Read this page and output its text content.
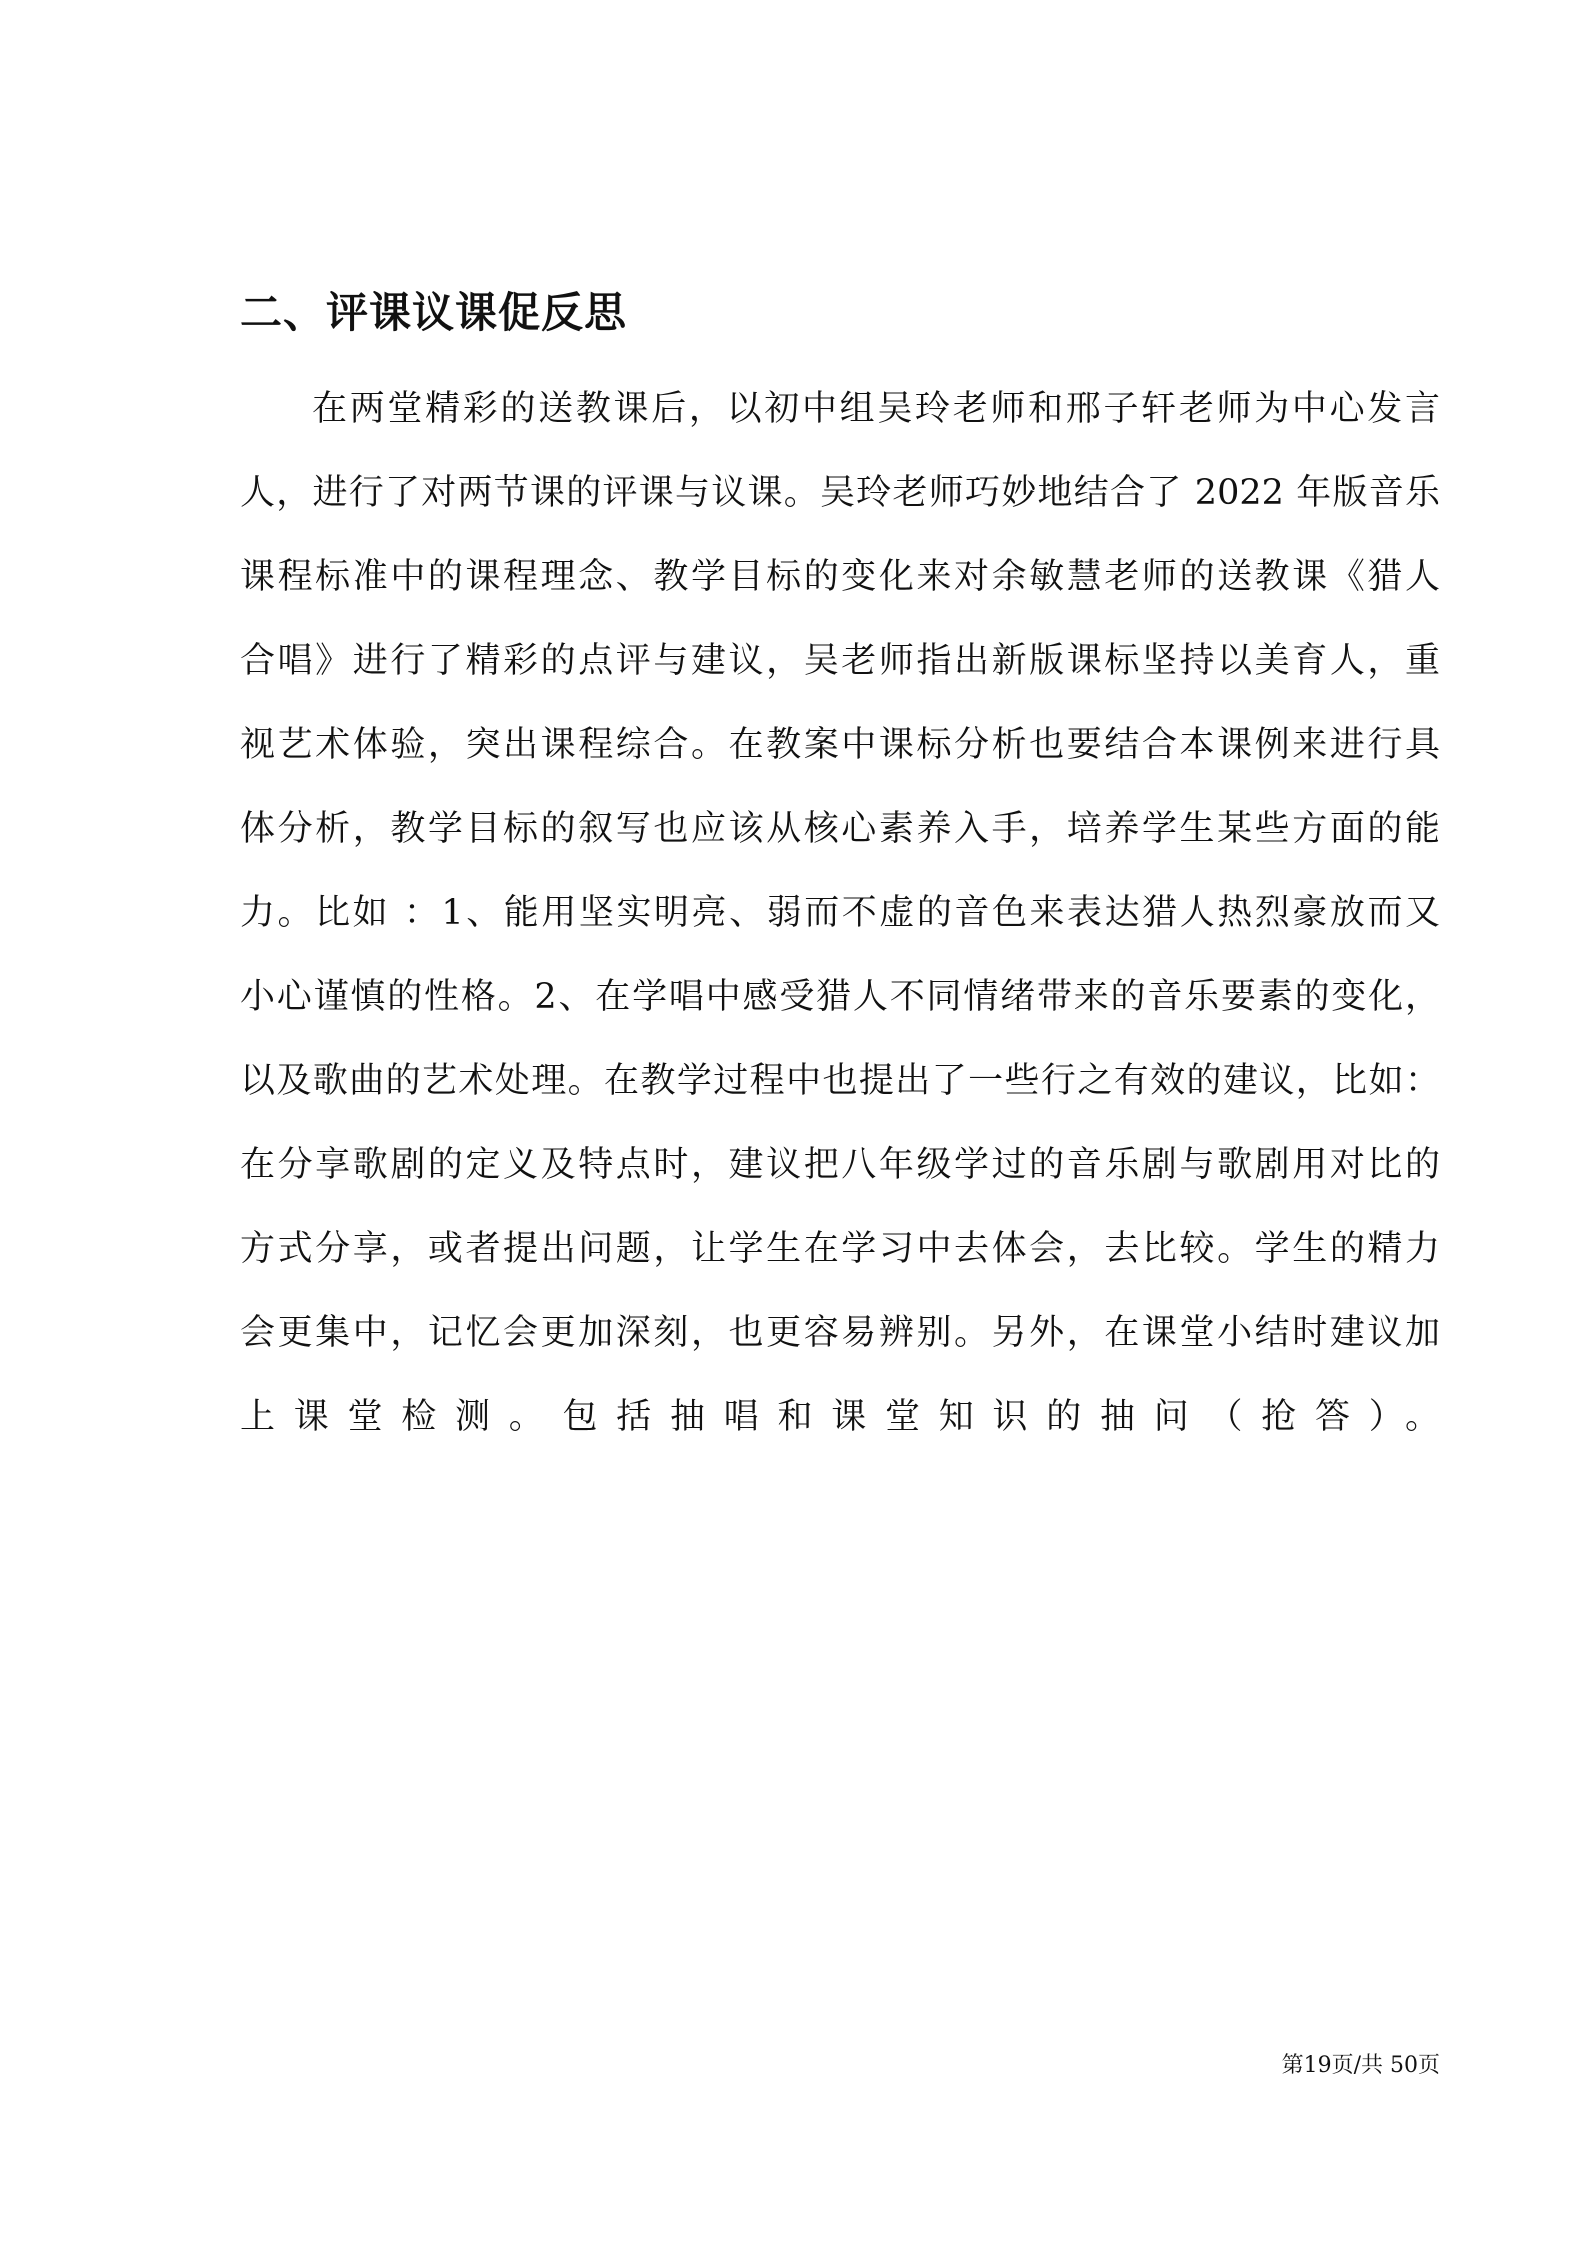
二、评课议课促反思
在两堂精彩的送教课后，以初中组吴玲老师和邢子轩老师为中心发言
人，进行了对两节课的评课与议课。吴玲老师巧妙地结合了 2022 年版音乐
课程标准中的课程理念、教学目标的变化来对余敏慧老师的送教课《猎人
合唱》进行了精彩的点评与建议，吴老师指出新版课标坚持以美育人，重
视艺术体验，突出课程综合。在教案中课标分析也要结合本课例来进行具
体分析，教学目标的叙写也应该从核心素养入手，培养学生某些方面的能
力。比如 ：1、能用坚实明亮、弱而不虚的音色来表达猎人热烈豪放而又
小心谨慎的性格。2、在学唱中感受猎人不同情绪带来的音乐要素的变化，
以及歌曲的艺术处理。在教学过程中也提出了一些行之有效的建议，比如：
在分享歌剧的定义及特点时，建议把八年级学过的音乐剧与歌剧用对比的
方式分享，或者提出问题，让学生在学习中去体会，去比较。学生的精力
会更集中，记忆会更加深刻，也更容易辨别。另外，在课堂小结时建议加
上课堂检测。包括抽唱和课堂知识的抽问（抢答）。
第19页/共 50页
